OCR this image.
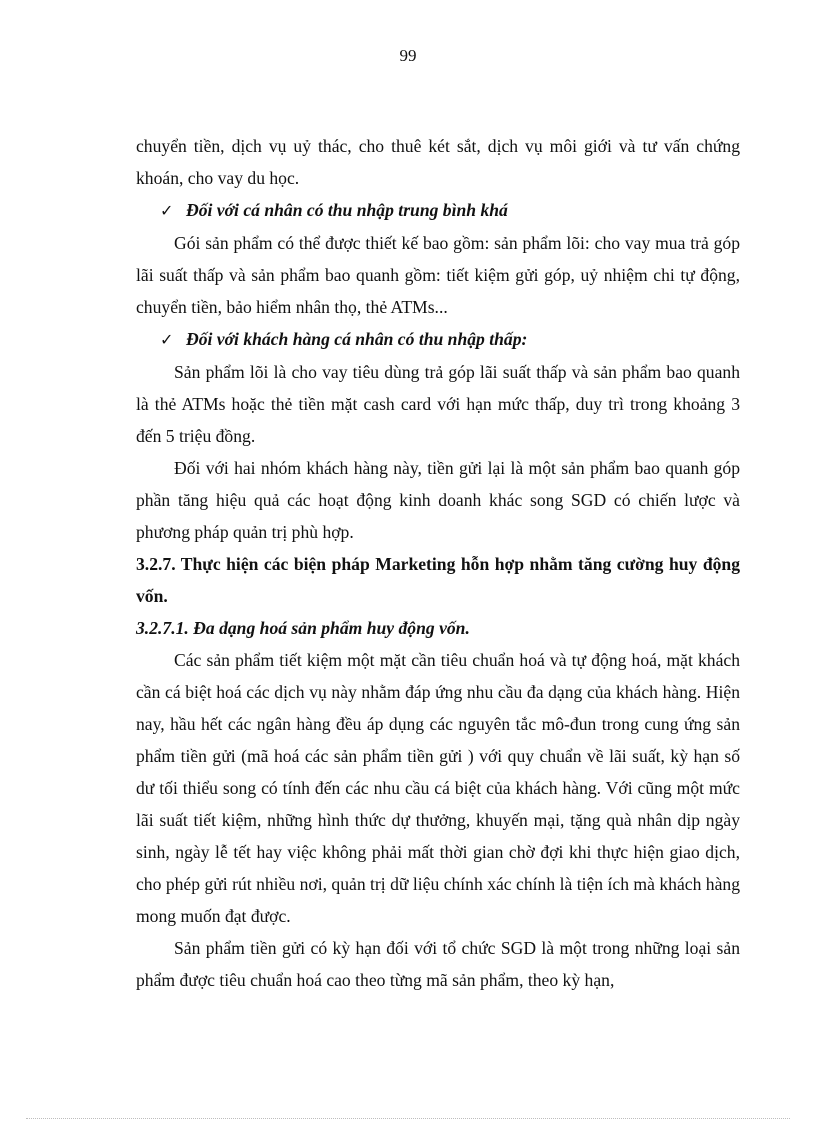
99

chuyển tiền, dịch vụ uỷ thác, cho thuê két sắt, dịch vụ môi giới và tư vấn chứng khoán, cho vay du học.

✓ Đối với cá nhân có thu nhập trung bình khá

Gói sản phẩm có thể được thiết kế bao gồm: sản phẩm lõi: cho vay mua trả góp lãi suất thấp và sản phẩm bao quanh gồm: tiết kiệm gửi góp, uỷ nhiệm chi tự động, chuyển tiền, bảo hiểm nhân thọ, thẻ ATMs...

✓ Đối với khách hàng cá nhân có thu nhập thấp:

Sản phẩm lõi là cho vay tiêu dùng trả góp lãi suất thấp và sản phẩm bao quanh là thẻ ATMs hoặc thẻ tiền mặt cash card với hạn mức thấp, duy trì trong khoảng 3 đến 5 triệu đồng.

Đối với hai nhóm khách hàng này, tiền gửi lại là một sản phẩm bao quanh góp phần tăng hiệu quả các hoạt động kinh doanh khác song SGD có chiến lược và phương pháp quản trị phù hợp.

3.2.7. Thực hiện các biện pháp Marketing hỗn hợp nhằm tăng cường huy động vốn.

3.2.7.1. Đa dạng hoá sản phẩm huy động vốn.

Các sản phẩm tiết kiệm một mặt cần tiêu chuẩn hoá và tự động hoá, mặt khách cần cá biệt hoá các dịch vụ này nhằm đáp ứng nhu cầu đa dạng của khách hàng. Hiện nay, hầu hết các ngân hàng đều áp dụng các nguyên tắc mô-đun trong cung ứng sản phẩm tiền gửi (mã hoá các sản phẩm tiền gửi ) với quy chuẩn về lãi suất, kỳ hạn số dư tối thiểu song có tính đến các nhu cầu cá biệt của khách hàng. Với cũng một mức lãi suất tiết kiệm, những hình thức dự thưởng, khuyến mại, tặng quà nhân dịp ngày sinh, ngày lễ tết hay việc không phải mất thời gian chờ đợi khi thực hiện giao dịch, cho phép gửi rút nhiều nơi, quản trị dữ liệu chính xác chính là tiện ích mà khách hàng mong muốn đạt được.

Sản phẩm tiền gửi có kỳ hạn đối với tổ chức SGD là một trong những loại sản phẩm được tiêu chuẩn hoá cao theo từng mã sản phẩm, theo kỳ hạn,
